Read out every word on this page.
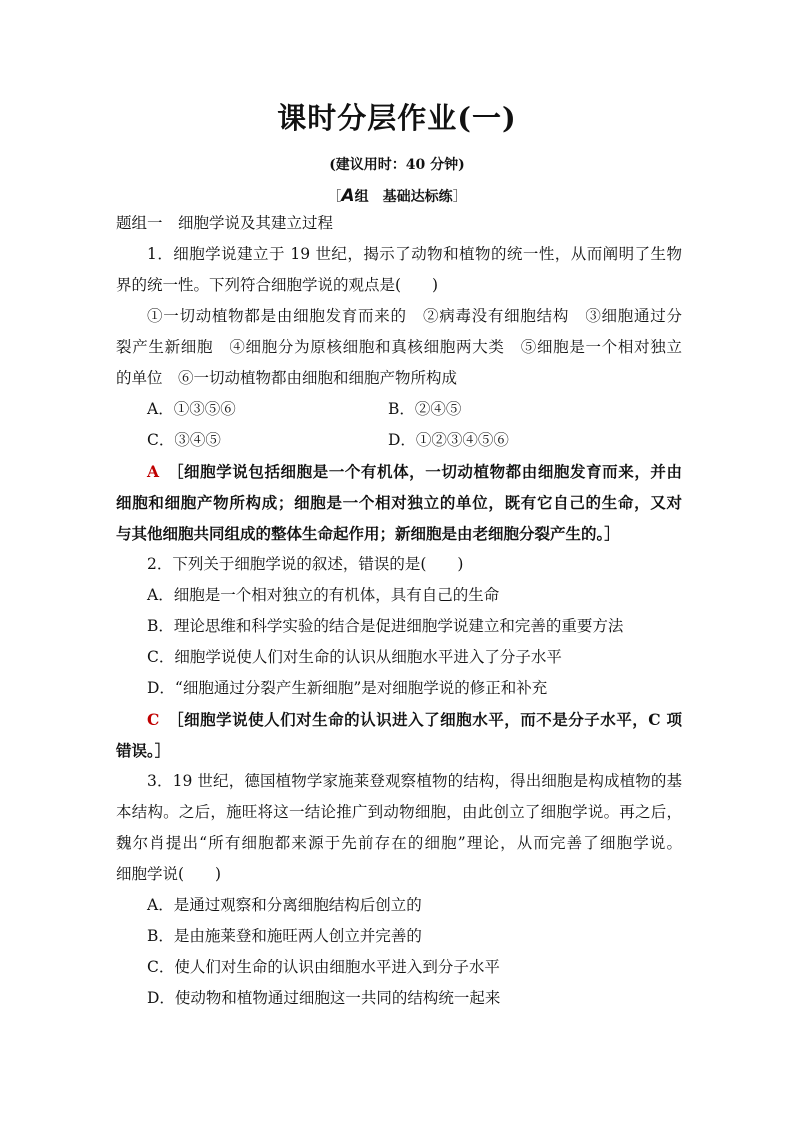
课时分层作业(一)
(建议用时：40 分钟)
［A组　基础达标练］
题组一　细胞学说及其建立过程
1．细胞学说建立于 19 世纪，揭示了动物和植物的统一性，从而阐明了生物
界的统一性。下列符合细胞学说的观点是(　　)
①一切动植物都是由细胞发育而来的　②病毒没有细胞结构　③细胞通过分
裂产生新细胞　④细胞分为原核细胞和真核细胞两大类　⑤细胞是一个相对独立
的单位　⑥一切动植物都由细胞和细胞产物所构成
A．①③⑤⑥	B．②④⑤
C．③④⑤	D．①②③④⑤⑥
A　 ［细胞学说包括细胞是一个有机体，一切动植物都由细胞发育而来，并由
细胞和细胞产物所构成；细胞是一个相对独立的单位，既有它自己的生命，又对
与其他细胞共同组成的整体生命起作用；新细胞是由老细胞分裂产生的。］
2．下列关于细胞学说的叙述，错误的是(　　)
A．细胞是一个相对独立的有机体，具有自己的生命
B．理论思维和科学实验的结合是促进细胞学说建立和完善的重要方法
C．细胞学说使人们对生命的认识从细胞水平进入了分子水平
D．“细胞通过分裂产生新细胞”是对细胞学说的修正和补充
C　 ［细胞学说使人们对生命的认识进入了细胞水平，而不是分子水平，C 项
错误。］
3．19 世纪，德国植物学家施莱登观察植物的结构，得出细胞是构成植物的基
本结构。之后，施旺将这一结论推广到动物细胞，由此创立了细胞学说。再之后，
魏尔肖提出“所有细胞都来源于先前存在的细胞”理论，从而完善了细胞学说。
细胞学说(　　)
A．是通过观察和分离细胞结构后创立的
B．是由施莱登和施旺两人创立并完善的
C．使人们对生命的认识由细胞水平进入到分子水平
D．使动物和植物通过细胞这一共同的结构统一起来
